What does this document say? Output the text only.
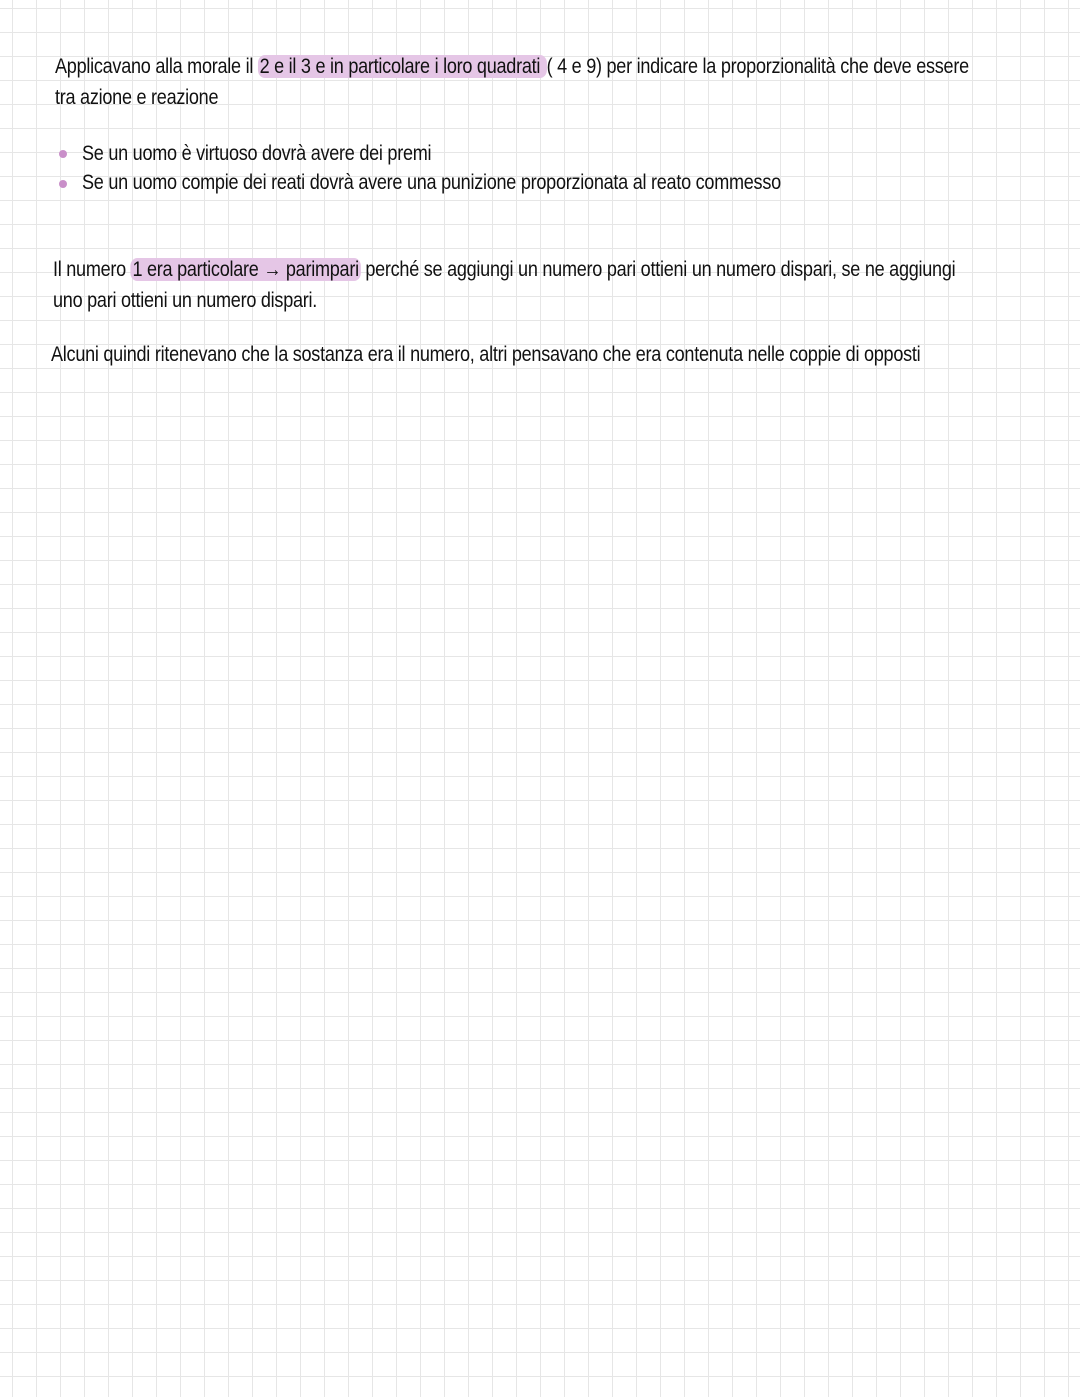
Applicavano alla morale il 2 e il 3 e in particolare i loro quadrati ( 4 e 9) per indicare la proporzionalità che deve essere
tra azione e reazione
Se un uomo è virtuoso dovrà avere dei premi
Se un uomo compie dei reati dovrà avere una punizione proporzionata al reato commesso
Il numero 1 era particolare → parimpari perché se aggiungi un numero pari ottieni un numero dispari, se ne aggiungi
uno pari ottieni un numero dispari.
Alcuni quindi ritenevano che la sostanza era il numero, altri pensavano che era contenuta nelle coppie di opposti
